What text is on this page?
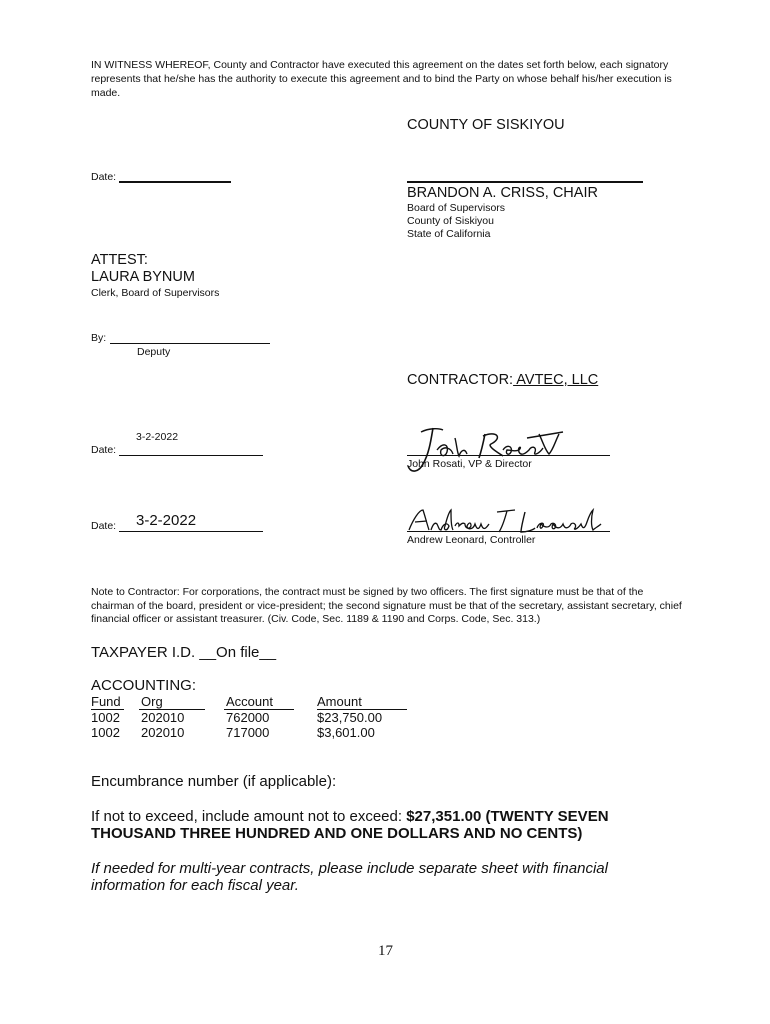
IN WITNESS WHEREOF, County and Contractor have executed this agreement on the dates set forth below, each signatory represents that he/she has the authority to execute this agreement and to bind the Party on whose behalf his/her execution is made.
COUNTY OF SISKIYOU
Date:
BRANDON A. CRISS, CHAIR
Board of Supervisors
County of Siskiyou
State of California
ATTEST:
LAURA BYNUM
Clerk, Board of Supervisors
By:
Deputy
CONTRACTOR: AVTEC, LLC
3-2-2022
Date:
John Rosati, VP & Director
3-2-2022
Date:
Andrew Leonard, Controller
Note to Contractor: For corporations, the contract must be signed by two officers. The first signature must be that of the chairman of the board, president or vice-president; the second signature must be that of the secretary, assistant secretary, chief financial officer or assistant treasurer. (Civ. Code, Sec. 1189 & 1190 and Corps. Code, Sec. 313.)
TAXPAYER I.D. __On file__
ACCOUNTING:
Fund Org	Account	Amount
1002 202010	762000	$23,750.00
1002 202010	717000	$3,601.00
Encumbrance number (if applicable):
If not to exceed, include amount not to exceed: $27,351.00 (TWENTY SEVEN THOUSAND THREE HUNDRED AND ONE DOLLARS AND NO CENTS)
If needed for multi-year contracts, please include separate sheet with financial information for each fiscal year.
17
